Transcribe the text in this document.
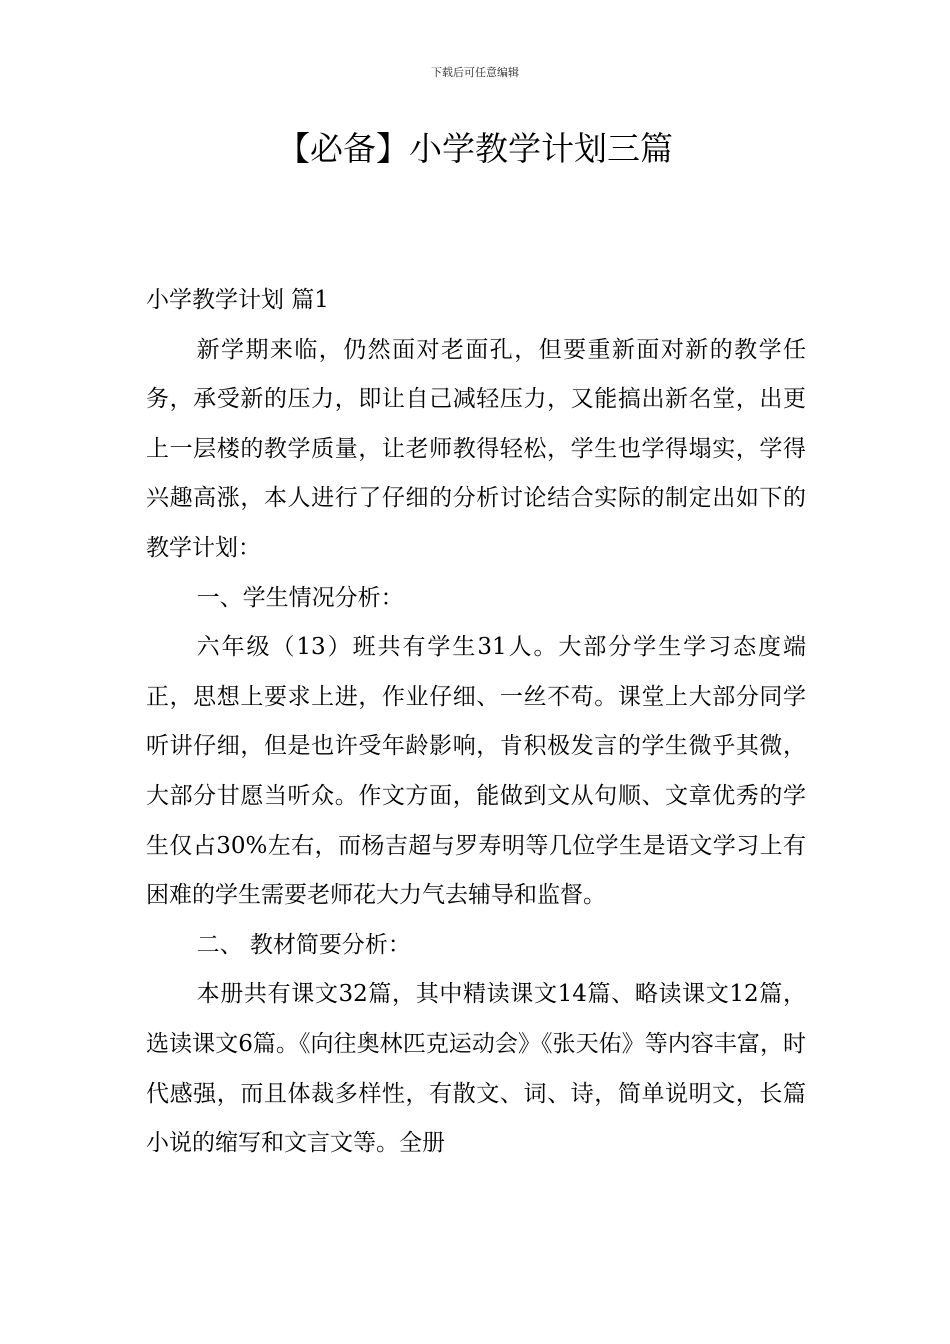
下载后可任意编辑
【必备】小学教学计划三篇

小学教学计划 篇1

新学期来临，仍然面对老面孔，但要重新面对新的教学任务，承受新的压力，即让自己减轻压力，又能搞出新名堂，出更上一层楼的教学质量，让老师教得轻松，学生也学得塌实，学得兴趣高涨，本人进行了仔细的分析讨论结合实际的制定出如下的教学计划：

一、学生情况分析：

六年级（13）班共有学生31人。大部分学生学习态度端正，思想上要求上进，作业仔细、一丝不苟。课堂上大部分同学听讲仔细，但是也许受年龄影响，肯积极发言的学生微乎其微，大部分甘愿当听众。作文方面，能做到文从句顺、文章优秀的学生仅占30%左右，而杨吉超与罗寿明等几位学生是语文学习上有困难的学生需要老师花大力气去辅导和监督。

二、 教材简要分析：

本册共有课文32篇，其中精读课文14篇、略读课文12篇，选读课文6篇。《向往奥林匹克运动会》《张天佑》等内容丰富，时代感强，而且体裁多样性，有散文、词、诗，简单说明文，长篇小说的缩写和文言文等。全册
